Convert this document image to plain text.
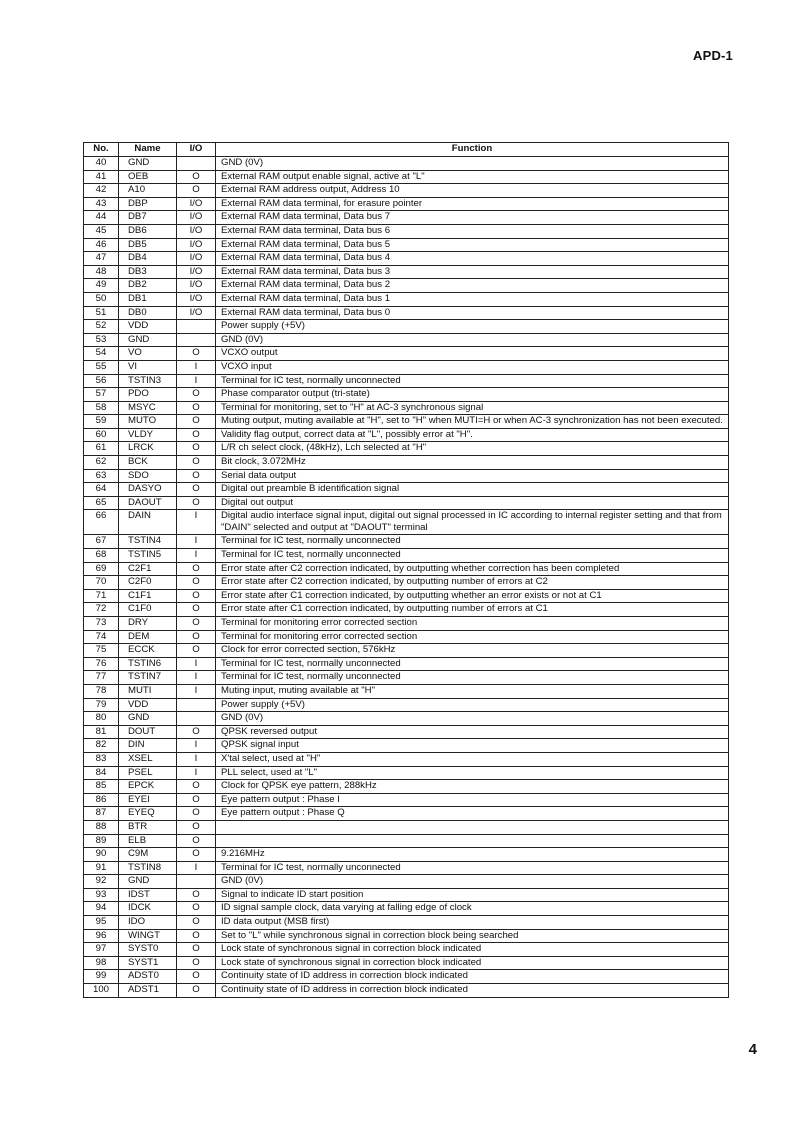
APD-1
No.	Name	I/O	Function
40	GND		GND (0V)
41	OEB	O	External RAM output enable signal, active at "L"
42	A10	O	External RAM address output, Address 10
43	DBP	I/O	External RAM data terminal, for erasure pointer
44	DB7	I/O	External RAM data terminal, Data bus 7
45	DB6	I/O	External RAM data terminal, Data bus 6
46	DB5	I/O	External RAM data terminal, Data bus 5
47	DB4	I/O	External RAM data terminal, Data bus 4
48	DB3	I/O	External RAM data terminal, Data bus 3
49	DB2	I/O	External RAM data terminal, Data bus 2
50	DB1	I/O	External RAM data terminal, Data bus 1
51	DB0	I/O	External RAM data terminal, Data bus 0
52	VDD		Power supply (+5V)
53	GND		GND (0V)
54	VO	O	VCXO output
55	VI	I	VCXO input
56	TSTIN3	I	Terminal for IC test, normally unconnected
57	PDO	O	Phase comparator output (tri-state)
58	MSYC	O	Terminal for monitoring, set to "H" at AC-3 synchronous signal
59	MUTO	O	Muting output, muting available at "H", set to "H" when MUTI=H or when AC-3 synchronization has not been executed.
60	VLDY	O	Validity flag output, correct data at "L", possibly error at "H".
61	LRCK	O	L/R ch select clock, (48kHz), Lch selected at "H"
62	BCK	O	Bit clock, 3.072MHz
63	SDO	O	Serial data output
64	DASYO	O	Digital out preamble B identification signal
65	DAOUT	O	Digital out output
66	DAIN	I	Digital audio interface signal input, digital out signal processed in IC according to internal register setting and that from "DAIN" selected and output at "DAOUT" terminal
67	TSTIN4	I	Terminal for IC test, normally unconnected
68	TSTIN5	I	Terminal for IC test, normally unconnected
69	C2F1	O	Error state after C2 correction indicated, by outputting whether correction has been completed
70	C2F0	O	Error state after C2 correction indicated, by outputting number of errors at C2
71	C1F1	O	Error state after C1 correction indicated, by outputting whether an error exists or not at C1
72	C1F0	O	Error state after C1 correction indicated, by outputting number of errors at C1
73	DRY	O	Terminal for monitoring error corrected section
74	DEM	O	Terminal for monitoring error corrected section
75	ECCK	O	Clock for error corrected section, 576kHz
76	TSTIN6	I	Terminal for IC test, normally unconnected
77	TSTIN7	I	Terminal for IC test, normally unconnected
78	MUTI	I	Muting input, muting available at "H"
79	VDD		Power supply (+5V)
80	GND		GND (0V)
81	DOUT	O	QPSK reversed output
82	DIN	I	QPSK signal input
83	XSEL	I	X'tal select, used at "H"
84	PSEL	I	PLL select, used at "L"
85	EPCK	O	Clock for QPSK eye pattern, 288kHz
86	EYEI	O	Eye pattern output : Phase I
87	EYEQ	O	Eye pattern output : Phase Q
88	BTR	O	
89	ELB	O	
90	C9M	O	9.216MHz
91	TSTIN8	I	Terminal for IC test, normally unconnected
92	GND		GND (0V)
93	IDST	O	Signal to indicate ID start position
94	IDCK	O	ID signal sample clock, data varying at falling edge of clock
95	IDO	O	ID data output (MSB first)
96	WINGT	O	Set to "L" while synchronous signal in correction block being searched
97	SYST0	O	Lock state of synchronous signal in correction block indicated
98	SYST1	O	Lock state of synchronous signal in correction block indicated
99	ADST0	O	Continuity state of ID address in correction block indicated
100	ADST1	O	Continuity state of ID address in correction block indicated
4
